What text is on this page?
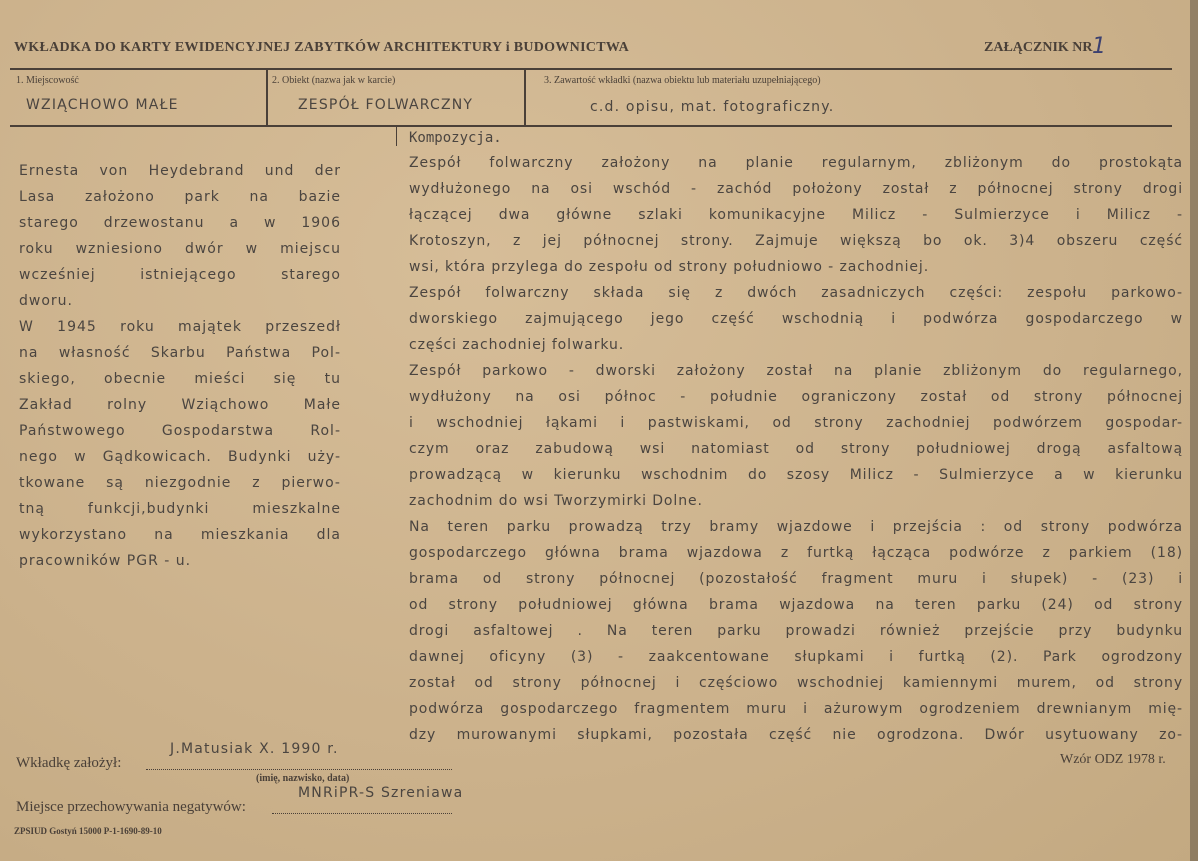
WKŁADKA DO KARTY EWIDENCYJNEJ ZABYTKÓW ARCHITEKTURY i BUDOWNICTWA	ZAŁĄCZNIK NR 1
1. Miejscowość
WZIĄCHOWO MAŁE
2. Obiekt (nazwa jak w karcie)
ZESPÓŁ FOLWARCZNY
3. Zawartość wkładki (nazwa obiektu lub materiału uzupełniającego)
c.d. opisu, mat. fotograficzny.
Kompozycja.
Ernesta von Heydebrand und der
Lasa założono park na bazie
starego drzewostanu a w 1906
roku wzniesiono dwór w miejscu
wcześniej istniejącego starego
dworu.
W 1945 roku majątek przeszedł
na własność Skarbu Państwa Pol-
skiego, obecnie mieści się tu
Zakład rolny Wziąchowo Małe
Państwowego Gospodarstwa Rol-
nego w Gądkowicach. Budynki uży-
tkowane są niezgodnie z pierwo-
tną funkcji,budynki mieszkalne
wykorzystano na mieszkania dla
pracowników PGR - u.
Zespół folwarczny założony na planie regularnym, zbliżonym do prostokąta
wydłużonego na osi wschód - zachód położony został z północnej strony drogi
łączącej dwa główne szlaki komunikacyjne Milicz - Sulmierzyce i Milicz -
Krotoszyn, z jej północnej strony. Zajmuje większą bo ok. 3)4 obszeru część
wsi, która przylega do zespołu od strony południowo - zachodniej.
Zespół folwarczny składa się z dwóch zasadniczych części: zespołu parkowo-
dworskiego zajmującego jego część wschodnią i podwórza gospodarczego w
części zachodniej folwarku.
Zespół parkowo - dworski założony został na planie zbliżonym do regularnego,
wydłużony na osi północ - południe ograniczony został od strony północnej
i wschodniej łąkami i pastwiskami, od strony zachodniej podwórzem gospodar-
czym oraz zabudową wsi natomiast od strony południowej drogą asfaltową
prowadzącą w kierunku wschodnim do szosy Milicz - Sulmierzyce a w kierunku
zachodnim do wsi Tworzymirki Dolne.
Na teren parku prowadzą trzy bramy wjazdowe i przejścia : od strony podwórza
gospodarczego główna brama wjazdowa z furtką łącząca podwórze z parkiem (18)
brama od strony północnej (pozostałość fragment muru i słupek) - (23) i
od strony południowej główna brama wjazdowa na teren parku (24) od strony
drogi asfaltowej . Na teren parku prowadzi również przejście przy budynku
dawnej oficyny (3) - zaakcentowane słupkami i furtką (2). Park ogrodzony
został od strony północnej i częściowo wschodniej kamiennymi murem, od strony
podwórza gospodarczego fragmentem muru i ażurowym ogrodzeniem drewnianym mię-
dzy murowanymi słupkami, pozostała część nie ogrodzona. Dwór usytuowany zo-
J.Matusiak X. 1990 r.
Wkładkę założył:
(imię, nazwisko, data)
MNRiPR-S Szreniawa
Miejsce przechowywania negatywów:
Wzór ODZ 1978 r.
ZPSIUD Gostyń 15000 P-1-1690-89-10
